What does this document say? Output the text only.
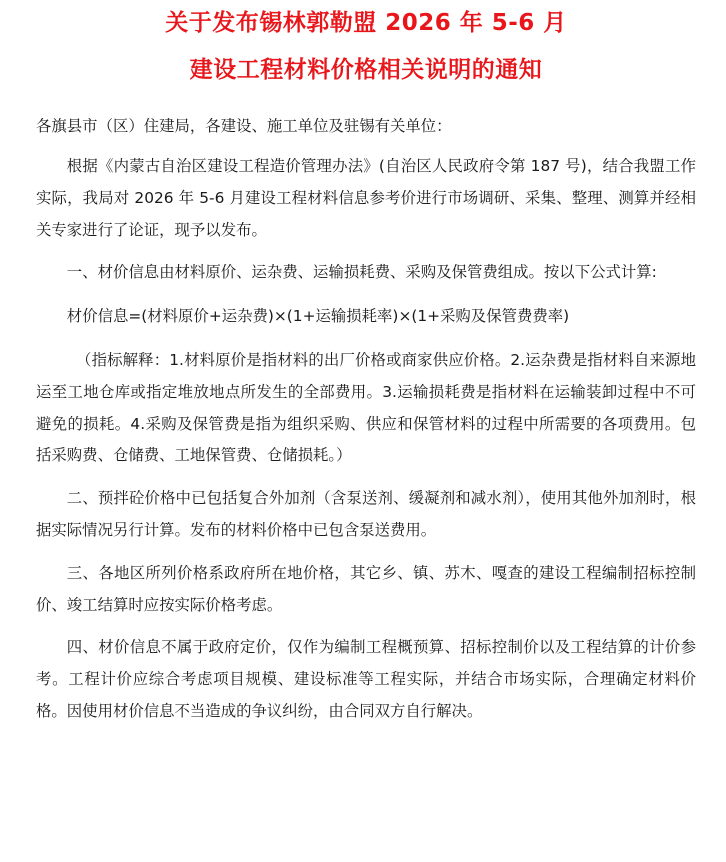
关于发布锡林郭勒盟 2026 年 5-6 月
建设工程材料价格相关说明的通知

各旗县市（区）住建局，各建设、施工单位及驻锡有关单位：

根据《内蒙古自治区建设工程造价管理办法》(自治区人民政府令第 187 号)，结合我盟工作实际，我局对 2026 年 5-6 月建设工程材料信息参考价进行市场调研、采集、整理、测算并经相关专家进行了论证，现予以发布。

一、材价信息由材料原价、运杂费、运输损耗费、采购及保管费组成。按以下公式计算:

材价信息=(材料原价+运杂费)×(1+运输损耗率)×(1+采购及保管费费率)

（指标解释：1.材料原价是指材料的出厂价格或商家供应价格。2.运杂费是指材料自来源地运至工地仓库或指定堆放地点所发生的全部费用。3.运输损耗费是指材料在运输装卸过程中不可避免的损耗。4.采购及保管费是指为组织采购、供应和保管材料的过程中所需要的各项费用。包括采购费、仓储费、工地保管费、仓储损耗。）

二、预拌砼价格中已包括复合外加剂（含泵送剂、缓凝剂和减水剂），使用其他外加剂时，根据实际情况另行计算。发布的材料价格中已包含泵送费用。

三、各地区所列价格系政府所在地价格，其它乡、镇、苏木、嘎查的建设工程编制招标控制价、竣工结算时应按实际价格考虑。

四、材价信息不属于政府定价，仅作为编制工程概预算、招标控制价以及工程结算的计价参考。工程计价应综合考虑项目规模、建设标准等工程实际，并结合市场实际，合理确定材料价格。因使用材价信息不当造成的争议纠纷，由合同双方自行解决。
